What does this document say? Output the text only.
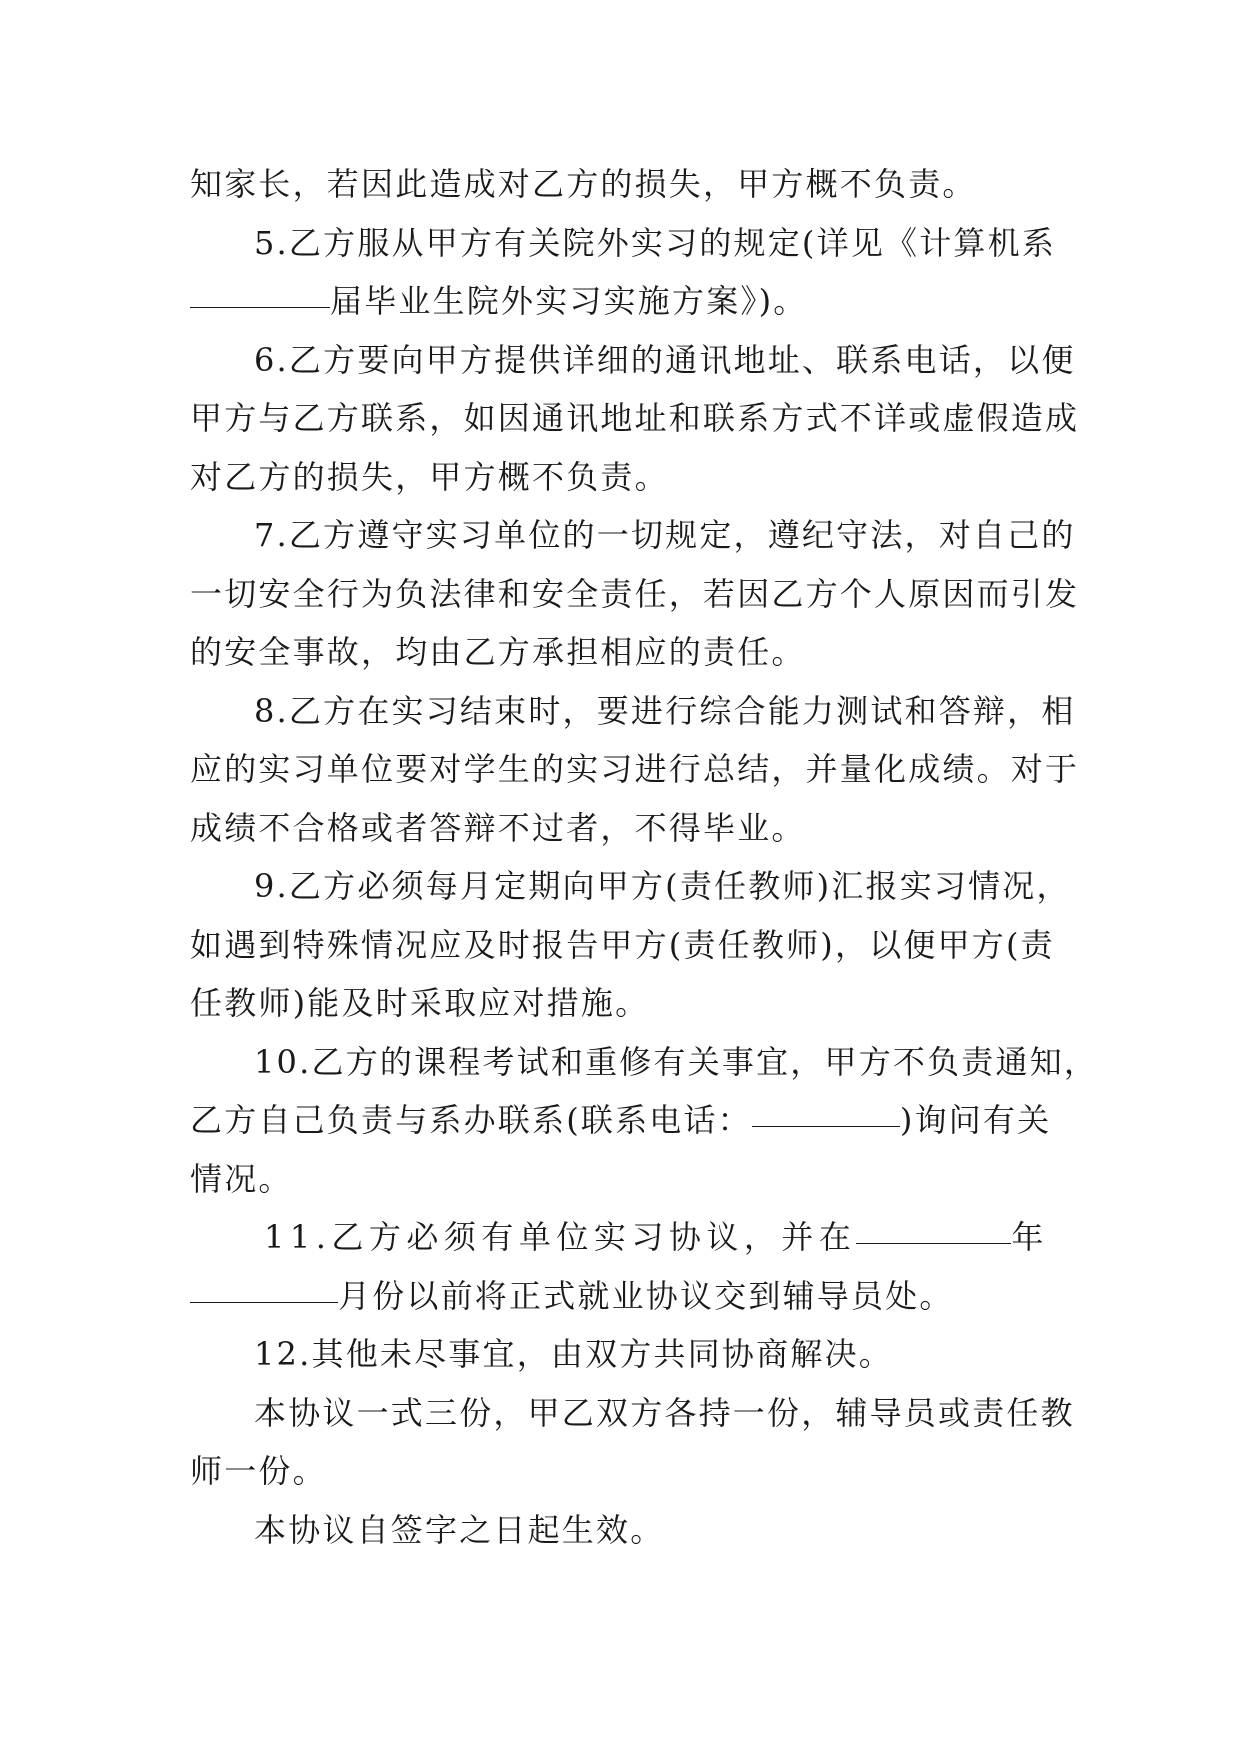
知家长，若因此造成对乙方的损失，甲方概不负责。
5.乙方服从甲方有关院外实习的规定(详见《计算机系
届毕业生院外实习实施方案》)。
6.乙方要向甲方提供详细的通讯地址、联系电话，以便
甲方与乙方联系，如因通讯地址和联系方式不详或虚假造成
对乙方的损失，甲方概不负责。
7.乙方遵守实习单位的一切规定，遵纪守法，对自己的
一切安全行为负法律和安全责任，若因乙方个人原因而引发
的安全事故，均由乙方承担相应的责任。
8.乙方在实习结束时，要进行综合能力测试和答辩，相
应的实习单位要对学生的实习进行总结，并量化成绩。对于
成绩不合格或者答辩不过者，不得毕业。
9.乙方必须每月定期向甲方(责任教师)汇报实习情况，
如遇到特殊情况应及时报告甲方(责任教师)，以便甲方(责
任教师)能及时采取应对措施。
10.乙方的课程考试和重修有关事宜，甲方不负责通知，
乙方自己负责与系办联系(联系电话：	)询问有关
情况。
11.乙方必须有单位实习协议，并在	年
月份以前将正式就业协议交到辅导员处。
12.其他未尽事宜，由双方共同协商解决。
本协议一式三份，甲乙双方各持一份，辅导员或责任教
师一份。
本协议自签字之日起生效。
